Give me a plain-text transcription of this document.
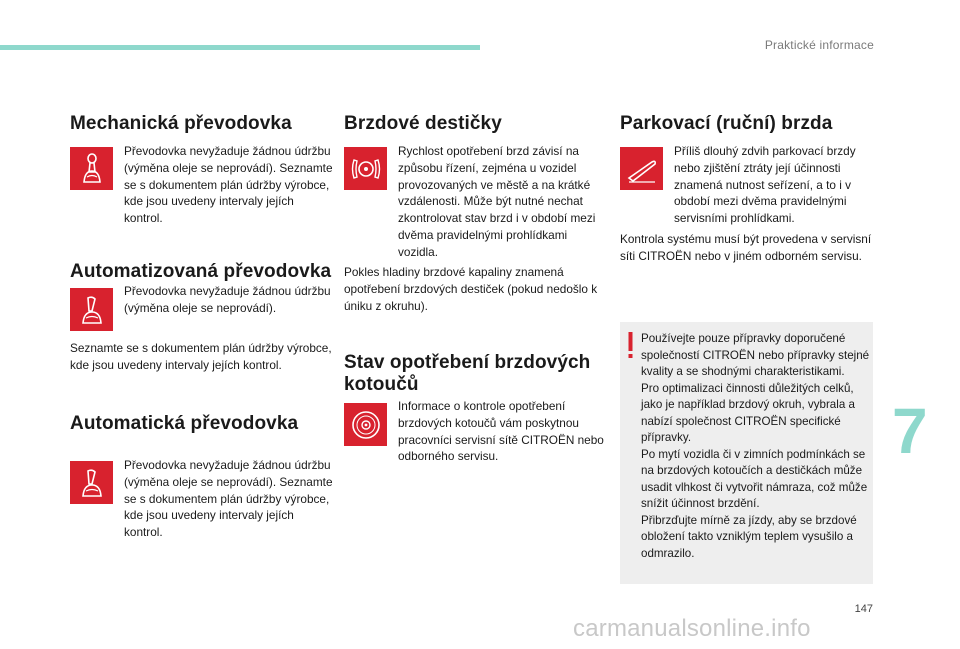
Praktické informace
Mechanická převodovka
Převodovka nevyžaduje žádnou údržbu (výměna oleje se neprovádí). Seznamte se s dokumentem plán údržby výrobce, kde jsou uvedeny intervaly jejích kontrol.
Automatizovaná převodovka
Převodovka nevyžaduje žádnou údržbu (výměna oleje se neprovádí).
Seznamte se s dokumentem plán údržby výrobce, kde jsou uvedeny intervaly jejích kontrol.
Automatická převodovka
Převodovka nevyžaduje žádnou údržbu (výměna oleje se neprovádí). Seznamte se s dokumentem plán údržby výrobce, kde jsou uvedeny intervaly jejích kontrol.
Brzdové destičky
Rychlost opotřebení brzd závisí na způsobu řízení, zejména u vozidel provozovaných ve městě a na krátké vzdálenosti. Může být nutné nechat zkontrolovat stav brzd i v období mezi dvěma pravidelnými prohlídkami vozidla.
Pokles hladiny brzdové kapaliny znamená opotřebení brzdových destiček (pokud nedošlo k úniku z okruhu).
Stav opotřebení brzdových
kotoučů
Informace o kontrole opotřebení brzdových kotoučů vám poskytnou pracovníci servisní sítě CITROËN nebo odborného servisu.
Parkovací (ruční) brzda
Příliš dlouhý zdvih parkovací brzdy nebo zjištění ztráty její účinnosti znamená nutnost seřízení, a to i v období mezi dvěma pravidelnými servisními prohlídkami.
Kontrola systému musí být provedena v servisní síti CITROËN nebo v jiném odborném servisu.
Používejte pouze přípravky doporučené společností CITROËN nebo přípravky stejné kvality a se shodnými charakteristikami.
Pro optimalizaci činnosti důležitých celků, jako je například brzdový okruh, vybrala a nabízí společnost CITROËN specifické přípravky.
Po mytí vozidla či v zimních podmínkách se na brzdových kotoučích a destičkách může usadit vlhkost či vytvořit námraza, což může snížit účinnost brzdění.
Přibrzďujte mírně za jízdy, aby se brzdové obložení takto vzniklým teplem vysušilo a odmrazilo.
7
147
carmanualsonline.info
